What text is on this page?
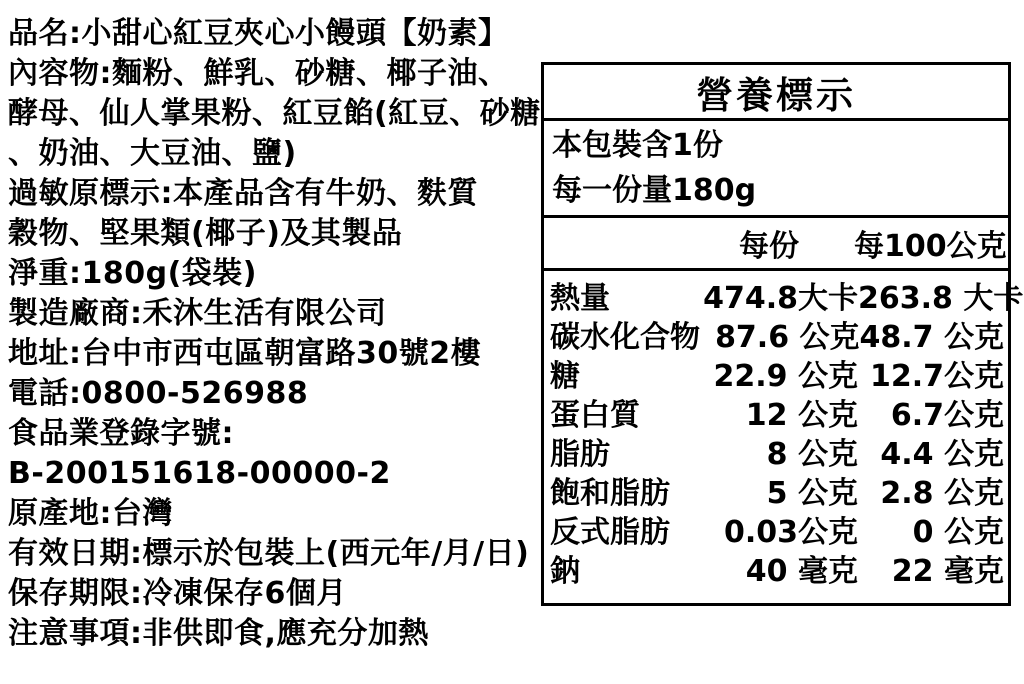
品名:小甜心紅豆夾心小饅頭【奶素】
內容物:麵粉、鮮乳、砂糖、椰子油、
酵母、仙人掌果粉、紅豆餡(紅豆、砂糖
、奶油、大豆油、鹽)
過敏原標示:本產品含有牛奶、麩質
穀物、堅果類(椰子)及其製品
淨重:180g(袋裝)
製造廠商:禾沐生活有限公司
地址:台中市西屯區朝富路30號2樓
電話:0800-526988
食品業登錄字號:
B-200151618-00000-2
原產地:台灣
有效日期:標示於包裝上(西元年/月/日)
保存期限:冷凍保存6個月
注意事項:非供即食,應充分加熱
營養標示
本包裝含1份
每一份量180g
每份	每100公克
熱量	474.8大卡 263.8 大卡
碳水化合物 87.6 公克 48.7 公克
糖	22.9 公克 12.7公克
蛋白質	12 公克	6.7公克
脂肪	8 公克 4.4 公克
飽和脂肪	5 公克 2.8 公克
反式脂肪	0.03公克	0 公克
鈉	40 毫克	22 毫克
